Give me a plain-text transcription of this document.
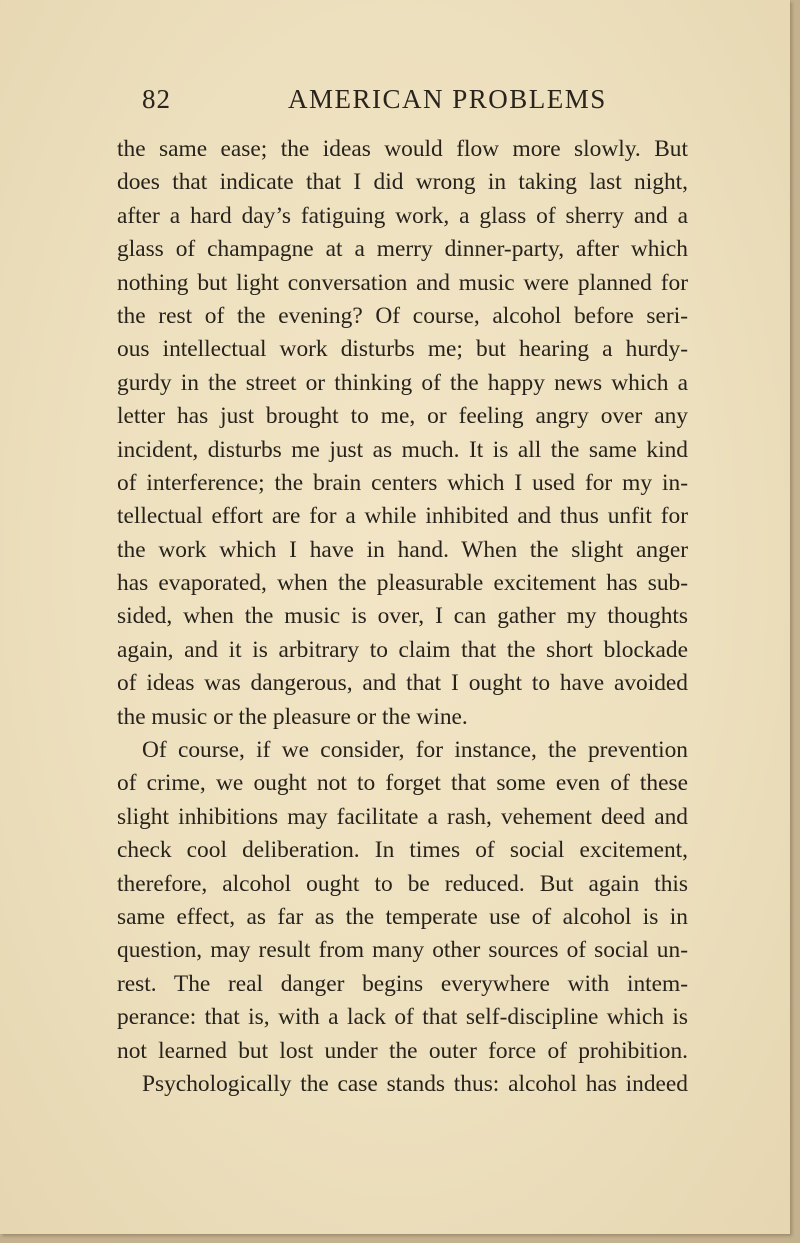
82	AMERICAN PROBLEMS
the same ease; the ideas would flow more slowly. But
does that indicate that I did wrong in taking last night,
after a hard day’s fatiguing work, a glass of sherry and a
glass of champagne at a merry dinner-party, after which
nothing but light conversation and music were planned for
the rest of the evening? Of course, alcohol before seri-
ous intellectual work disturbs me; but hearing a hurdy-
gurdy in the street or thinking of the happy news which a
letter has just brought to me, or feeling angry over any
incident, disturbs me just as much. It is all the same kind
of interference; the brain centers which I used for my in-
tellectual effort are for a while inhibited and thus unfit for
the work which I have in hand. When the slight anger
has evaporated, when the pleasurable excitement has sub-
sided, when the music is over, I can gather my thoughts
again, and it is arbitrary to claim that the short blockade
of ideas was dangerous, and that I ought to have avoided
the music or the pleasure or the wine.
Of course, if we consider, for instance, the prevention
of crime, we ought not to forget that some even of these
slight inhibitions may facilitate a rash, vehement deed and
check cool deliberation. In times of social excitement,
therefore, alcohol ought to be reduced. But again this
same effect, as far as the temperate use of alcohol is in
question, may result from many other sources of social un-
rest. The real danger begins everywhere with intem-
perance: that is, with a lack of that self-discipline which is
not learned but lost under the outer force of prohibition.
Psychologically the case stands thus: alcohol has indeed
